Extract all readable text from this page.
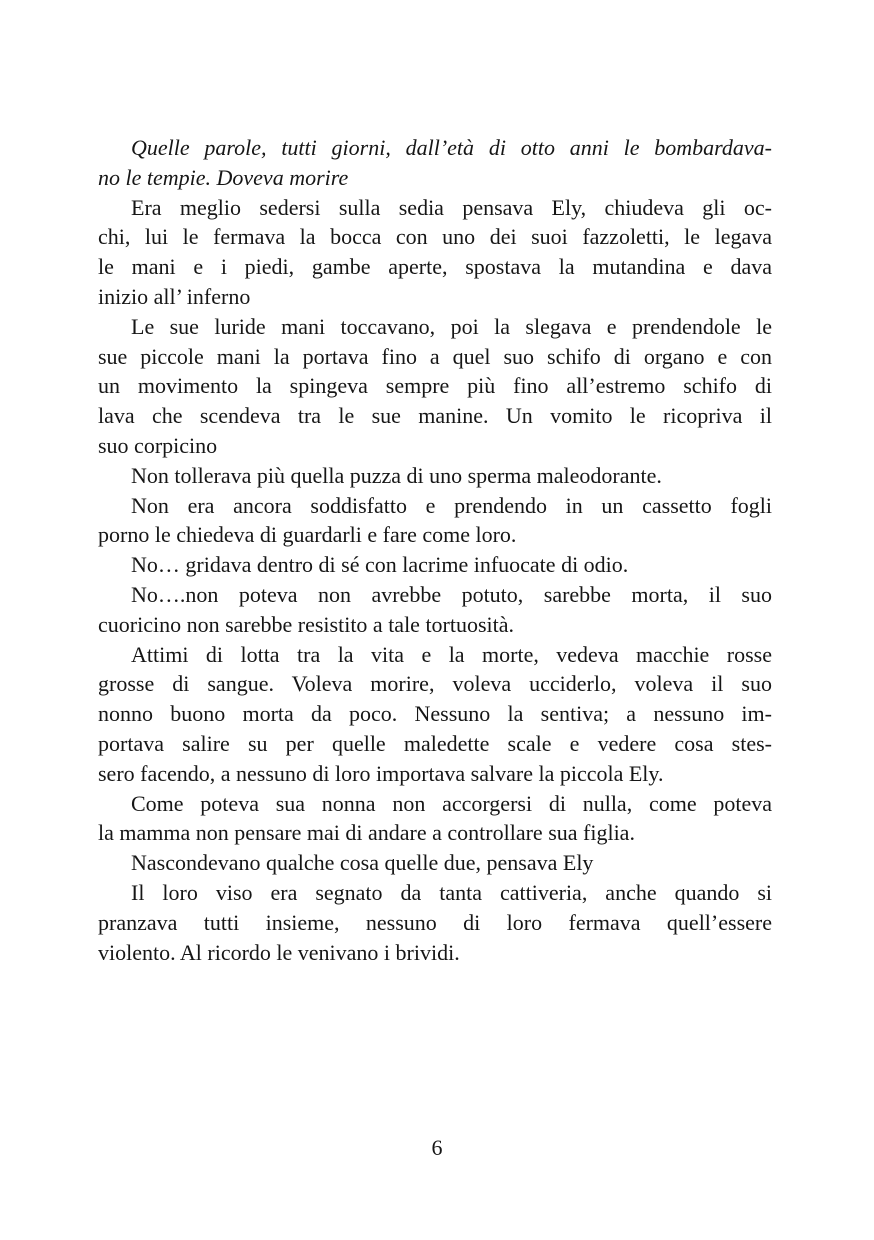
Quelle parole, tutti giorni, dall’età di otto anni le bombardava-
no le tempie. Doveva morire
Era meglio sedersi sulla sedia pensava Ely, chiudeva gli oc-
chi, lui le fermava la bocca con uno dei suoi fazzoletti, le legava
le mani e i piedi, gambe aperte, spostava la mutandina e dava
inizio all’ inferno
Le sue luride mani toccavano, poi la slegava e prendendole le
sue piccole mani la portava fino a quel suo schifo di organo e con
un movimento la spingeva sempre più fino all’estremo schifo di
lava che scendeva tra le sue manine. Un vomito le ricopriva il
suo corpicino
Non tollerava più quella puzza di uno sperma maleodorante.
Non era ancora soddisfatto e prendendo in un cassetto fogli
porno le chiedeva di guardarli e fare come loro.
No… gridava dentro di sé con lacrime infuocate di odio.
No….non poteva non avrebbe potuto, sarebbe morta, il suo
cuoricino non sarebbe resistito a tale tortuosità.
Attimi di lotta tra la vita e la morte, vedeva macchie rosse
grosse di sangue. Voleva morire, voleva ucciderlo, voleva il suo
nonno buono morta da poco. Nessuno la sentiva; a nessuno im-
portava salire su per quelle maledette scale e vedere cosa stes-
sero facendo, a nessuno di loro importava salvare la piccola Ely.
Come poteva sua nonna non accorgersi di nulla, come poteva
la mamma non pensare mai di andare a controllare sua figlia.
Nascondevano qualche cosa quelle due, pensava Ely
Il loro viso era segnato da tanta cattiveria, anche quando si
pranzava tutti insieme, nessuno di loro fermava quell’essere
violento. Al ricordo le venivano i brividi.
6
